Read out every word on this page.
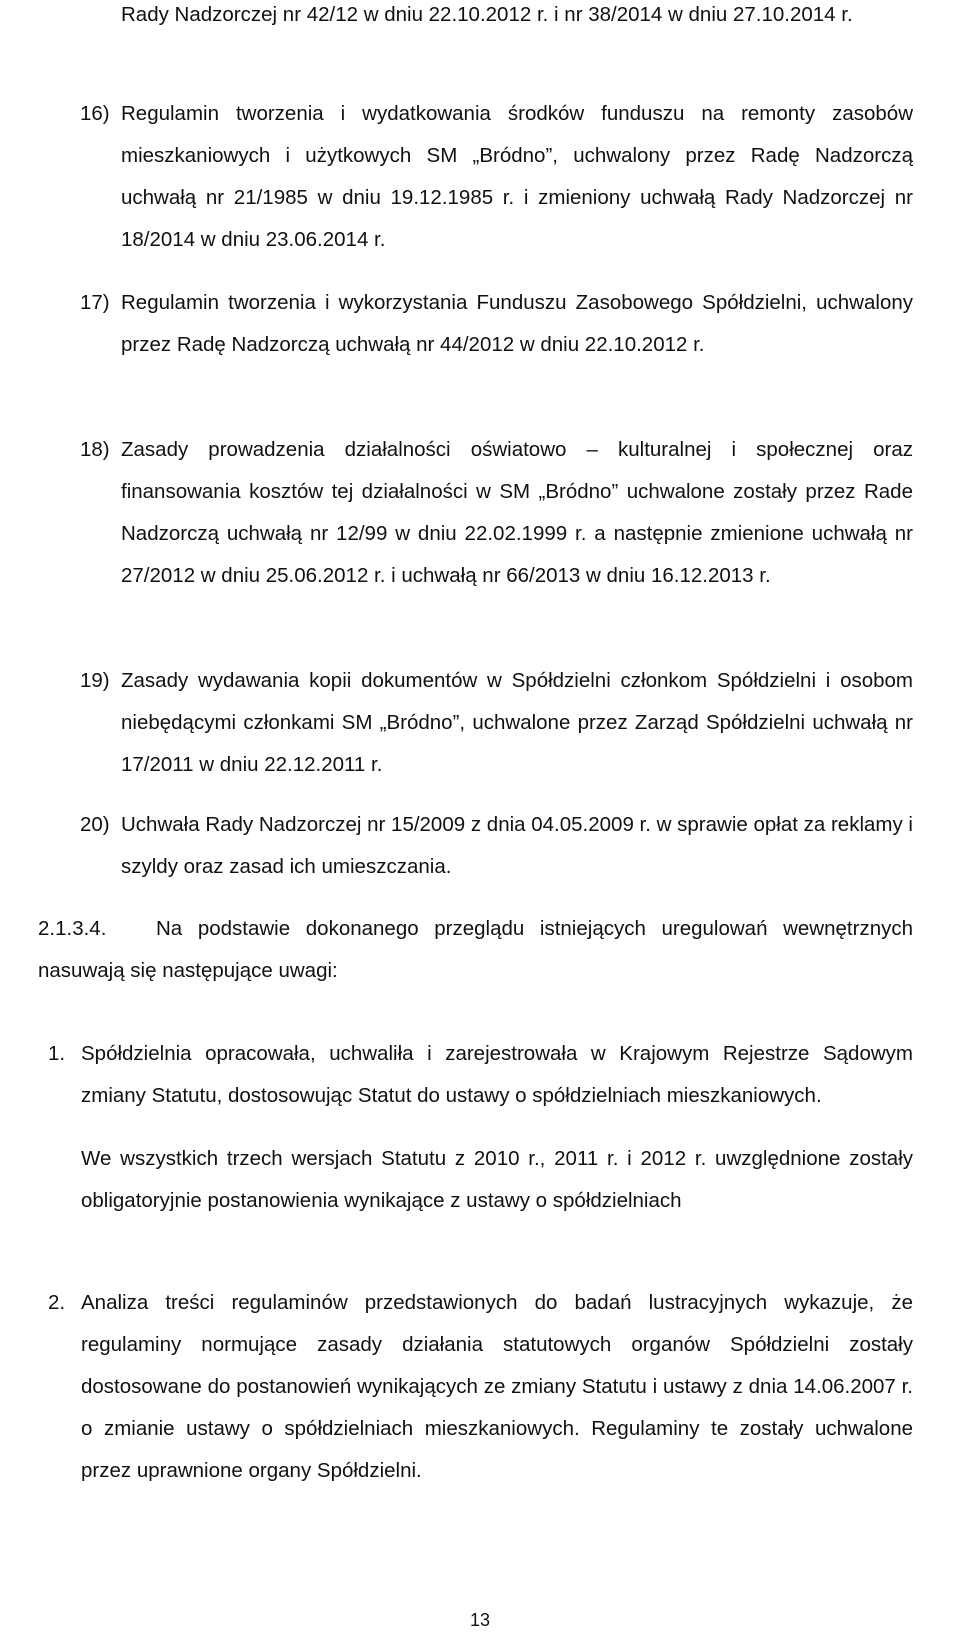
Rady Nadzorczej nr 42/12 w dniu 22.10.2012 r. i nr 38/2014 w dniu 27.10.2014 r.

16) Regulamin tworzenia i wydatkowania środków funduszu na remonty zasobów mieszkaniowych i użytkowych SM „Bródno”, uchwalony przez Radę Nadzorczą uchwałą nr 21/1985 w dniu 19.12.1985 r. i zmieniony uchwałą Rady Nadzorczej nr 18/2014 w dniu 23.06.2014 r.
17) Regulamin tworzenia i wykorzystania Funduszu Zasobowego Spółdzielni, uchwalony przez Radę Nadzorczą uchwałą nr 44/2012 w dniu 22.10.2012 r.
18) Zasady prowadzenia działalności oświatowo – kulturalnej i społecznej oraz finansowania kosztów tej działalności w SM „Bródno” uchwalone zostały przez Rade Nadzorczą uchwałą nr 12/99 w dniu 22.02.1999 r. a następnie zmienione uchwałą nr 27/2012 w dniu 25.06.2012 r. i uchwałą nr 66/2013 w dniu 16.12.2013 r.
19) Zasady wydawania kopii dokumentów w Spółdzielni członkom Spółdzielni i osobom niebędącymi członkami SM „Bródno”, uchwalone przez Zarząd Spółdzielni uchwałą nr 17/2011 w dniu 22.12.2011 r.
20) Uchwała Rady Nadzorczej nr 15/2009 z dnia 04.05.2009 r. w sprawie opłat za reklamy i szyldy oraz zasad ich umieszczania.
2.1.3.4.	Na podstawie dokonanego przeglądu istniejących uregulowań wewnętrznych nasuwają się następujące uwagi:
1. Spółdzielnia opracowała, uchwaliła i zarejestrowała w Krajowym Rejestrze Sądowym zmiany Statutu, dostosowując Statut do ustawy o spółdzielniach mieszkaniowych.
We wszystkich trzech wersjach Statutu z 2010 r., 2011 r. i 2012 r. uwzględnione zostały obligatoryjnie postanowienia wynikające z ustawy o spółdzielniach
2. Analiza treści regulaminów przedstawionych do badań lustracyjnych wykazuje, że regulaminy normujące zasady działania statutowych organów Spółdzielni zostały dostosowane do postanowień wynikających ze zmiany Statutu i ustawy z dnia 14.06.2007 r. o zmianie ustawy o spółdzielniach mieszkaniowych. Regulaminy te zostały uchwalone przez uprawnione organy Spółdzielni.
13
